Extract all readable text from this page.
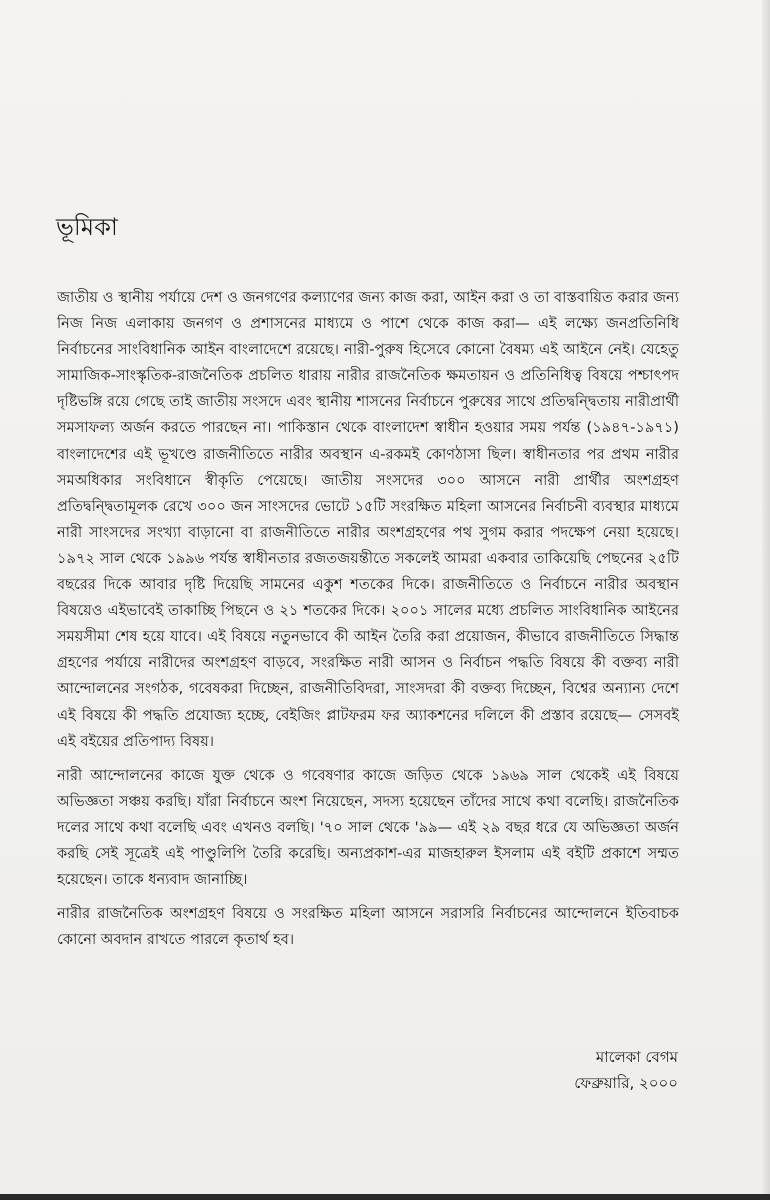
ভূমিকা

জাতীয় ও স্থানীয় পর্যায়ে দেশ ও জনগণের কল্যাণের জন্য কাজ করা, আইন করা ও তা বাস্তবায়িত করার জন্য নিজ নিজ এলাকায় জনগণ ও প্রশাসনের মাধ্যমে ও পাশে থেকে কাজ করা— এই লক্ষ্যে জনপ্রতিনিধি নির্বাচনের সাংবিধানিক আইন বাংলাদেশে রয়েছে। নারী-পুরুষ হিসেবে কোনো বৈষম্য এই আইনে নেই। যেহেতু সামাজিক-সাংস্কৃতিক-রাজনৈতিক প্রচলিত ধারায় নারীর রাজনৈতিক ক্ষমতায়ন ও প্রতিনিধিত্ব বিষয়ে পশ্চাৎপদ দৃষ্টিভঙ্গি রয়ে গেছে তাই জাতীয় সংসদে এবং স্থানীয় শাসনের নির্বাচনে পুরুষের সাথে প্রতিদ্বন্দ্বিতায় নারীপ্রার্থী সমসাফল্য অর্জন করতে পারছেন না। পাকিস্তান থেকে বাংলাদেশ স্বাধীন হওয়ার সময় পর্যন্ত (১৯৪৭-১৯৭১) বাংলাদেশের এই ভূখণ্ডে রাজনীতিতে নারীর অবস্থান এ-রকমই কোণঠাসা ছিল। স্বাধীনতার পর প্রথম নারীর সমঅধিকার সংবিধানে স্বীকৃতি পেয়েছে। জাতীয় সংসদের ৩০০ আসনে নারী প্রার্থীর অংশগ্রহণ প্রতিদ্বন্দ্বিতামূলক রেখে ৩০০ জন সাংসদের ভোটে ১৫টি সংরক্ষিত মহিলা আসনের নির্বাচনী ব্যবস্থার মাধ্যমে নারী সাংসদের সংখ্যা বাড়ানো বা রাজনীতিতে নারীর অংশগ্রহণের পথ সুগম করার পদক্ষেপ নেয়া হয়েছে। ১৯৭২ সাল থেকে ১৯৯৬ পর্যন্ত স্বাধীনতার রজতজয়ন্তীতে সকলেই আমরা একবার তাকিয়েছি পেছনের ২৫টি বছরের দিকে আবার দৃষ্টি দিয়েছি সামনের একুশ শতকের দিকে। রাজনীতিতে ও নির্বাচনে নারীর অবস্থান বিষয়েও এইভাবেই তাকাচ্ছি পিছনে ও ২১ শতকের দিকে। ২০০১ সালের মধ্যে প্রচলিত সাংবিধানিক আইনের সময়সীমা শেষ হয়ে যাবে। এই বিষয়ে নতুনভাবে কী আইন তৈরি করা প্রয়োজন, কীভাবে রাজনীতিতে সিদ্ধান্ত গ্রহণের পর্যায়ে নারীদের অংশগ্রহণ বাড়বে, সংরক্ষিত নারী আসন ও নির্বাচন পদ্ধতি বিষয়ে কী বক্তব্য নারী আন্দোলনের সংগঠক, গবেষকরা দিচ্ছেন, রাজনীতিবিদরা, সাংসদরা কী বক্তব্য দিচ্ছেন, বিশ্বের অন্যান্য দেশে এই বিষয়ে কী পদ্ধতি প্রযোজ্য হচ্ছে, বেইজিং প্লাটফরম ফর অ্যাকশনের দলিলে কী প্রস্তাব রয়েছে— সেসবই এই বইয়ের প্রতিপাদ্য বিষয়।

নারী আন্দোলনের কাজে যুক্ত থেকে ও গবেষণার কাজে জড়িত থেকে ১৯৬৯ সাল থেকেই এই বিষয়ে অভিজ্ঞতা সঞ্চয় করছি। যাঁরা নির্বাচনে অংশ নিয়েছেন, সদস্য হয়েছেন তাঁদের সাথে কথা বলেছি। রাজনৈতিক দলের সাথে কথা বলেছি এবং এখনও বলছি। '৭০ সাল থেকে '৯৯— এই ২৯ বছর ধরে যে অভিজ্ঞতা অর্জন করছি সেই সূত্রেই এই পাণ্ডুলিপি তৈরি করেছি। অন্যপ্রকাশ-এর মাজহারুল ইসলাম এই বইটি প্রকাশে সম্মত হয়েছেন। তাকে ধন্যবাদ জানাচ্ছি।

নারীর রাজনৈতিক অংশগ্রহণ বিষয়ে ও সংরক্ষিত মহিলা আসনে সরাসরি নির্বাচনের আন্দোলনে ইতিবাচক কোনো অবদান রাখতে পারলে কৃতার্থ হব।

মালেকা বেগম
ফেব্রুয়ারি, ২০০০
